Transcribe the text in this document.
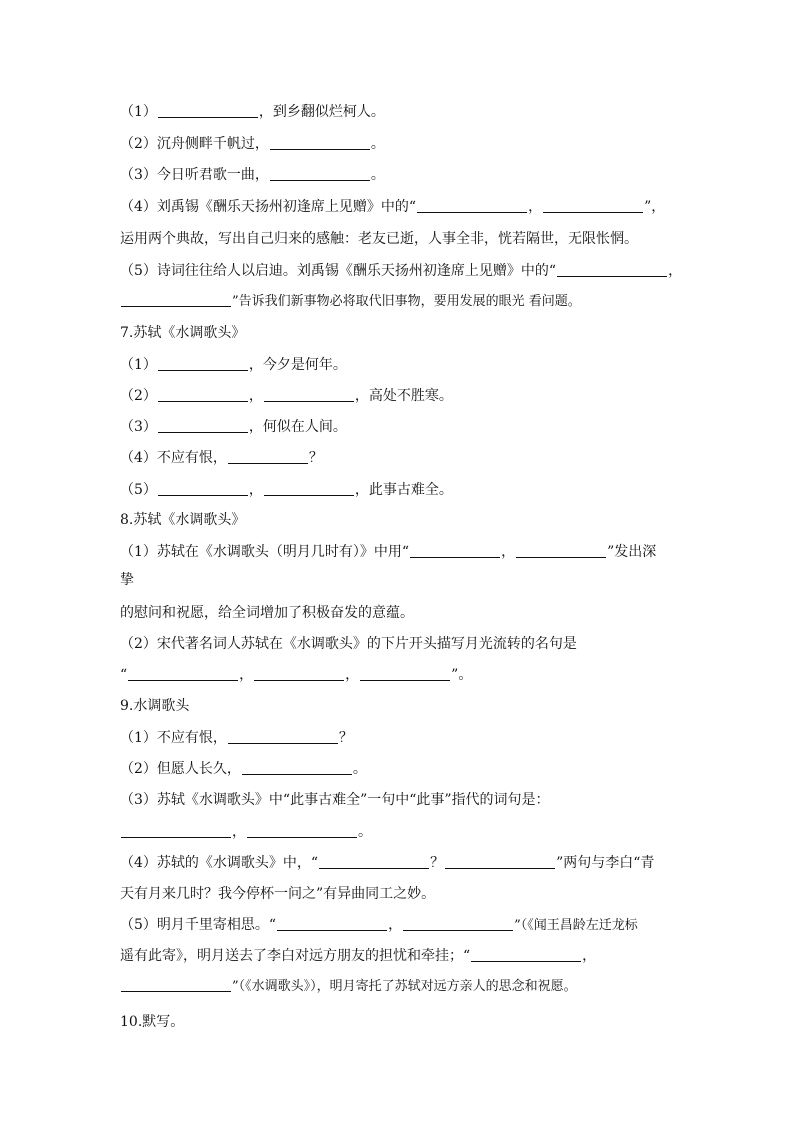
（1）	，到乡翻似烂柯人。
（2）沉舟侧畔千帆过，	。
（3）今日听君歌一曲，	。
（4）刘禹锡《酬乐天扬州初逢席上见赠》中的“	，	”，
运用两个典故，写出自己归来的感触：老友已逝，人事全非，恍若隔世，无限怅惘。
（5）诗词往往给人以启迪。刘禹锡《酬乐天扬州初逢席上见赠》中的“	，
”告诉我们新事物必将取代旧事物，要用发展的眼光 看问题。
7.苏轼《水调歌头》
（1）	，今夕是何年。
（2）	，	，高处不胜寒。
（3）	，何似在人间。
（4）不应有恨，	？
（5）	，	，此事古难全。
8.苏轼《水调歌头》
（1）苏轼在《水调歌头（明月几时有）》中用“	，	”发出深
挚
的慰问和祝愿，给全词增加了积极奋发的意蕴。
（2）宋代著名词人苏轼在《水调歌头》的下片开头描写月光流转的名句是
“	，	，	”。
9.水调歌头
（1）不应有恨，	？
（2）但愿人长久，	。
（3）苏轼《水调歌头》中“此事古难全”一句中“此事”指代的词句是：
，	。
（4）苏轼的《水调歌头》中，“	？	”两句与李白“青
天有月来几时？我今停杯一问之”有异曲同工之妙。
（5）明月千里寄相思。“	，	”（《闻王昌龄左迁龙标
遥有此寄》，明月送去了李白对远方朋友的担忧和牵挂；“	，
”（《水调歌头》），明月寄托了苏轼对远方亲人的思念和祝愿。
10.默写。
